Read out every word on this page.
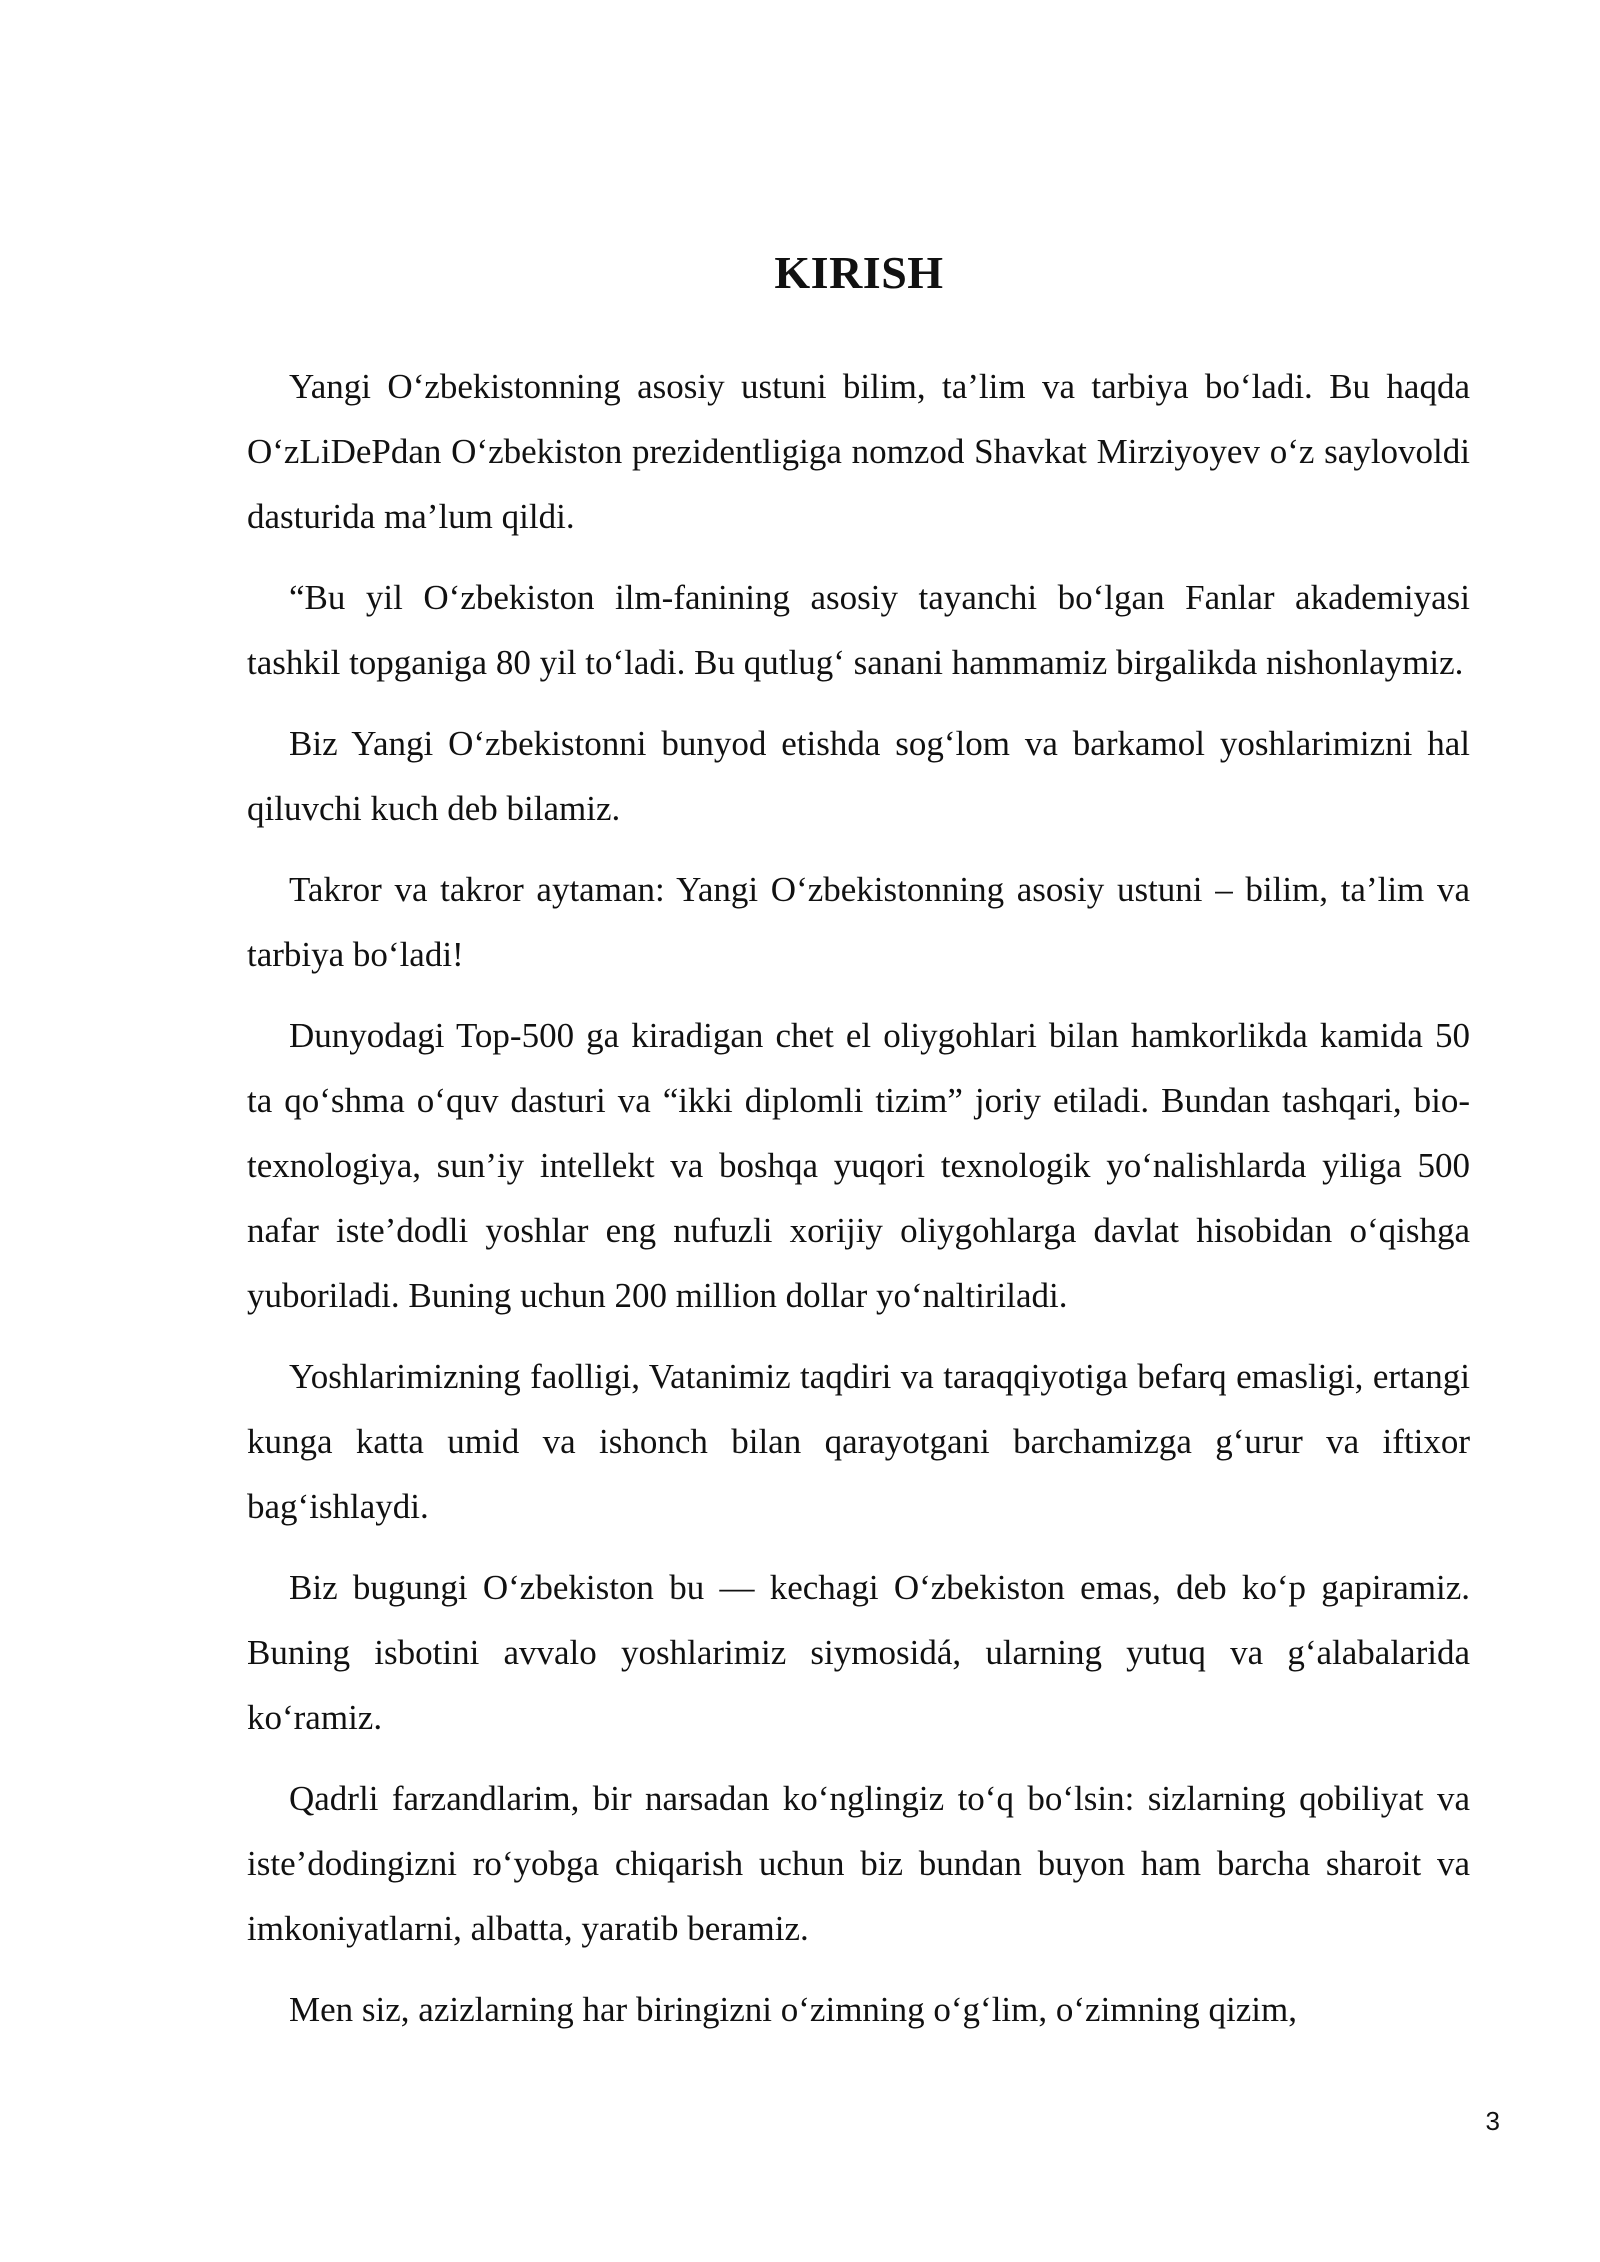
KIRISH

Yangi O‘zbekistonning asosiy ustuni bilim, ta’lim va tarbiya bo‘ladi. Bu haqda O‘zLiDePdan O‘zbekiston prezidentligiga nomzod Shavkat Mirziyoyev o‘z saylovoldi dasturida ma’lum qildi.

“Bu yil O‘zbekiston ilm-fanining asosiy tayanchi bo‘lgan Fanlar akademiyasi tashkil topganiga 80 yil to‘ladi. Bu qutlug‘ sanani hammamiz birgalikda nishonlaymiz.

Biz Yangi O‘zbekistonni bunyod etishda sog‘lom va barkamol yoshlarimizni hal qiluvchi kuch deb bilamiz.

Takror va takror aytaman: Yangi O‘zbekistonning asosiy ustuni – bilim, ta’lim va tarbiya bo‘ladi!

Dunyodagi Top-500 ga kiradigan chet el oliygohlari bilan hamkorlikda kamida 50 ta qo‘shma o‘quv dasturi va “ikki diplomli tizim” joriy etiladi. Bundan tashqari, bio-texnologiya, sun’iy intellekt va boshqa yuqori texnologik yo‘nalishlarda yiliga 500 nafar iste’dodli yoshlar eng nufuzli xorijiy oliygohlarga davlat hisobidan o‘qishga yuboriladi. Buning uchun 200 million dollar yo‘naltiriladi.

Yoshlarimizning faolligi, Vatanimiz taqdiri va taraqqiyotiga befarq emasligi, ertangi kunga katta umid va ishonch bilan qarayotgani barchamizga g‘urur va iftixor bag‘ishlaydi.

Biz bugungi O‘zbekiston bu — kechagi O‘zbekiston emas, deb ko‘p gapiramiz. Buning isbotini avvalo yoshlarimiz siymosidá, ularning yutuq va g‘alabalarida ko‘ramiz.

Qadrli farzandlarim, bir narsadan ko‘nglingiz to‘q bo‘lsin: sizlarning qobiliyat va iste’dodingizni ro‘yobga chiqarish uchun biz bundan buyon ham barcha sharoit va imkoniyatlarni, albatta, yaratib beramiz.

Men siz, azizlarning har biringizni o‘zimning o‘g‘lim, o‘zimning qizim,

3
